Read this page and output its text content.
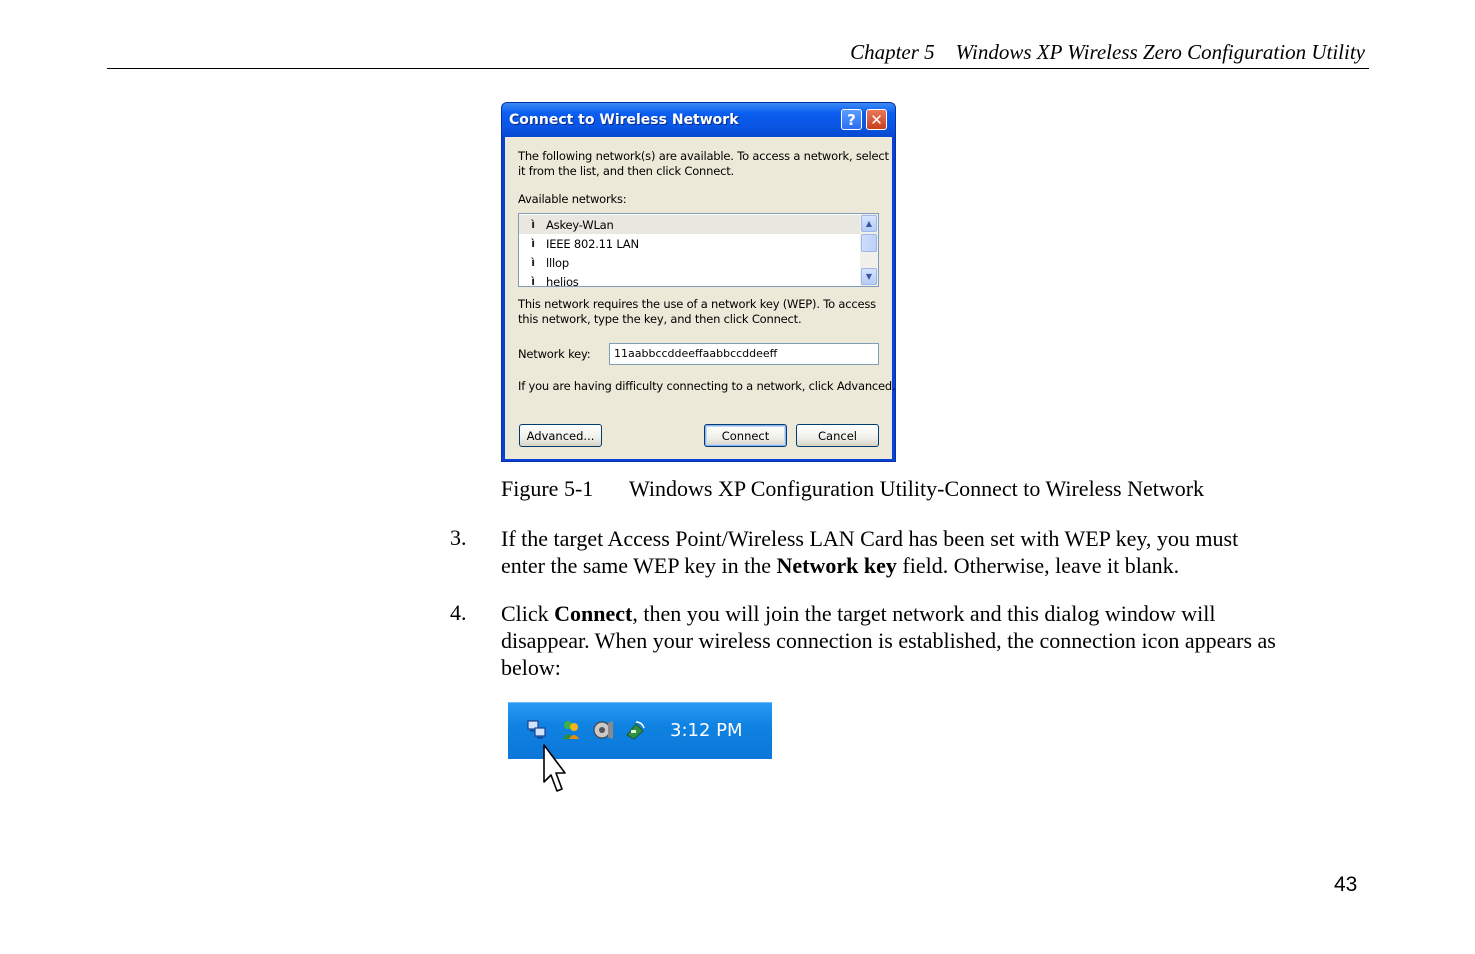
Chapter 5 Windows XP Wireless Zero Configuration Utility
Connect to Wireless Network	? ✕
The following network(s) are available. To access a network, select
it from the list, and then click Connect.
Available networks:
ì Askey-WLan
ì IEEE 802.11 LAN
ì lllop
ì helios
▲
▼
This network requires the use of a network key (WEP). To access
this network, type the key, and then click Connect.
Network key:	11aabbccddeeffaabbccddeeff
If you are having difficulty connecting to a network, click Advanced.
Advanced...	Connect	Cancel
Figure 5-1 Windows XP Configuration Utility-Connect to Wireless Network
3. If the target Access Point/Wireless LAN Card has been set with WEP key, you must
enter the same WEP key in the Network key field. Otherwise, leave it blank.
4. Click Connect, then you will join the target network and this dialog window will
disappear. When your wireless connection is established, the connection icon appears as
below:
3:12 PM
43
